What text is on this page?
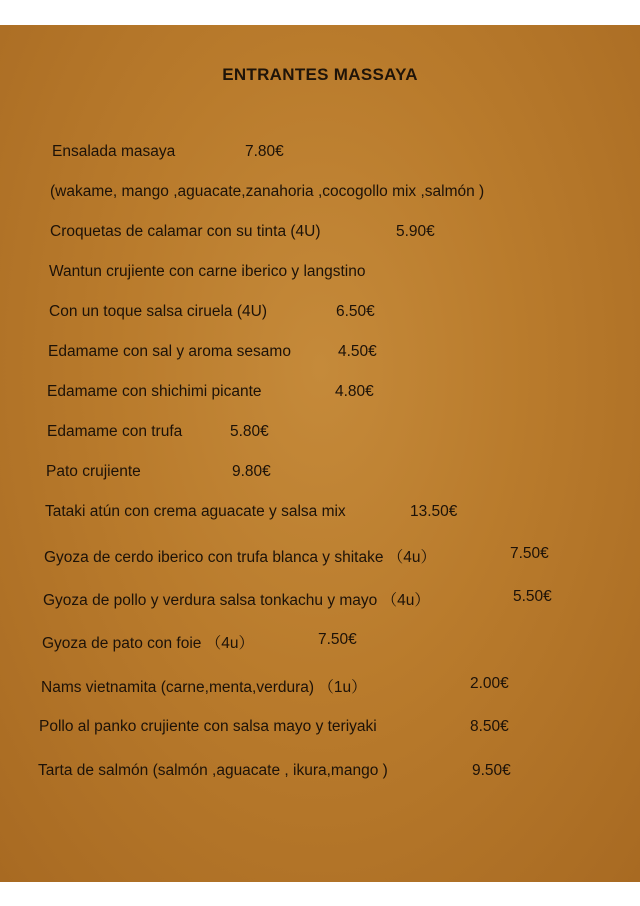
ENTRANTES MASSAYA
Ensalada masaya	7.80€
(wakame, mango ,aguacate,zanahoria ,cocogollo mix ,salmón )
Croquetas de calamar con su tinta (4U)	5.90€
Wantun crujiente con carne iberico y langstino
Con un toque salsa ciruela (4U)	6.50€
Edamame con sal y aroma sesamo	4.50€
Edamame con shichimi picante	4.80€
Edamame con trufa	5.80€
Pato crujiente	9.80€
Tataki atún con crema aguacate y salsa mix	13.50€
Gyoza de cerdo iberico con trufa blanca y shitake （4u）	7.50€
Gyoza de pollo y verdura salsa tonkachu y mayo （4u）	5.50€
Gyoza de pato con foie （4u）	7.50€
Nams vietnamita (carne,menta,verdura) （1u）	2.00€
Pollo al panko crujiente con salsa mayo y teriyaki	8.50€
Tarta de salmón (salmón ,aguacate , ikura,mango )	9.50€
